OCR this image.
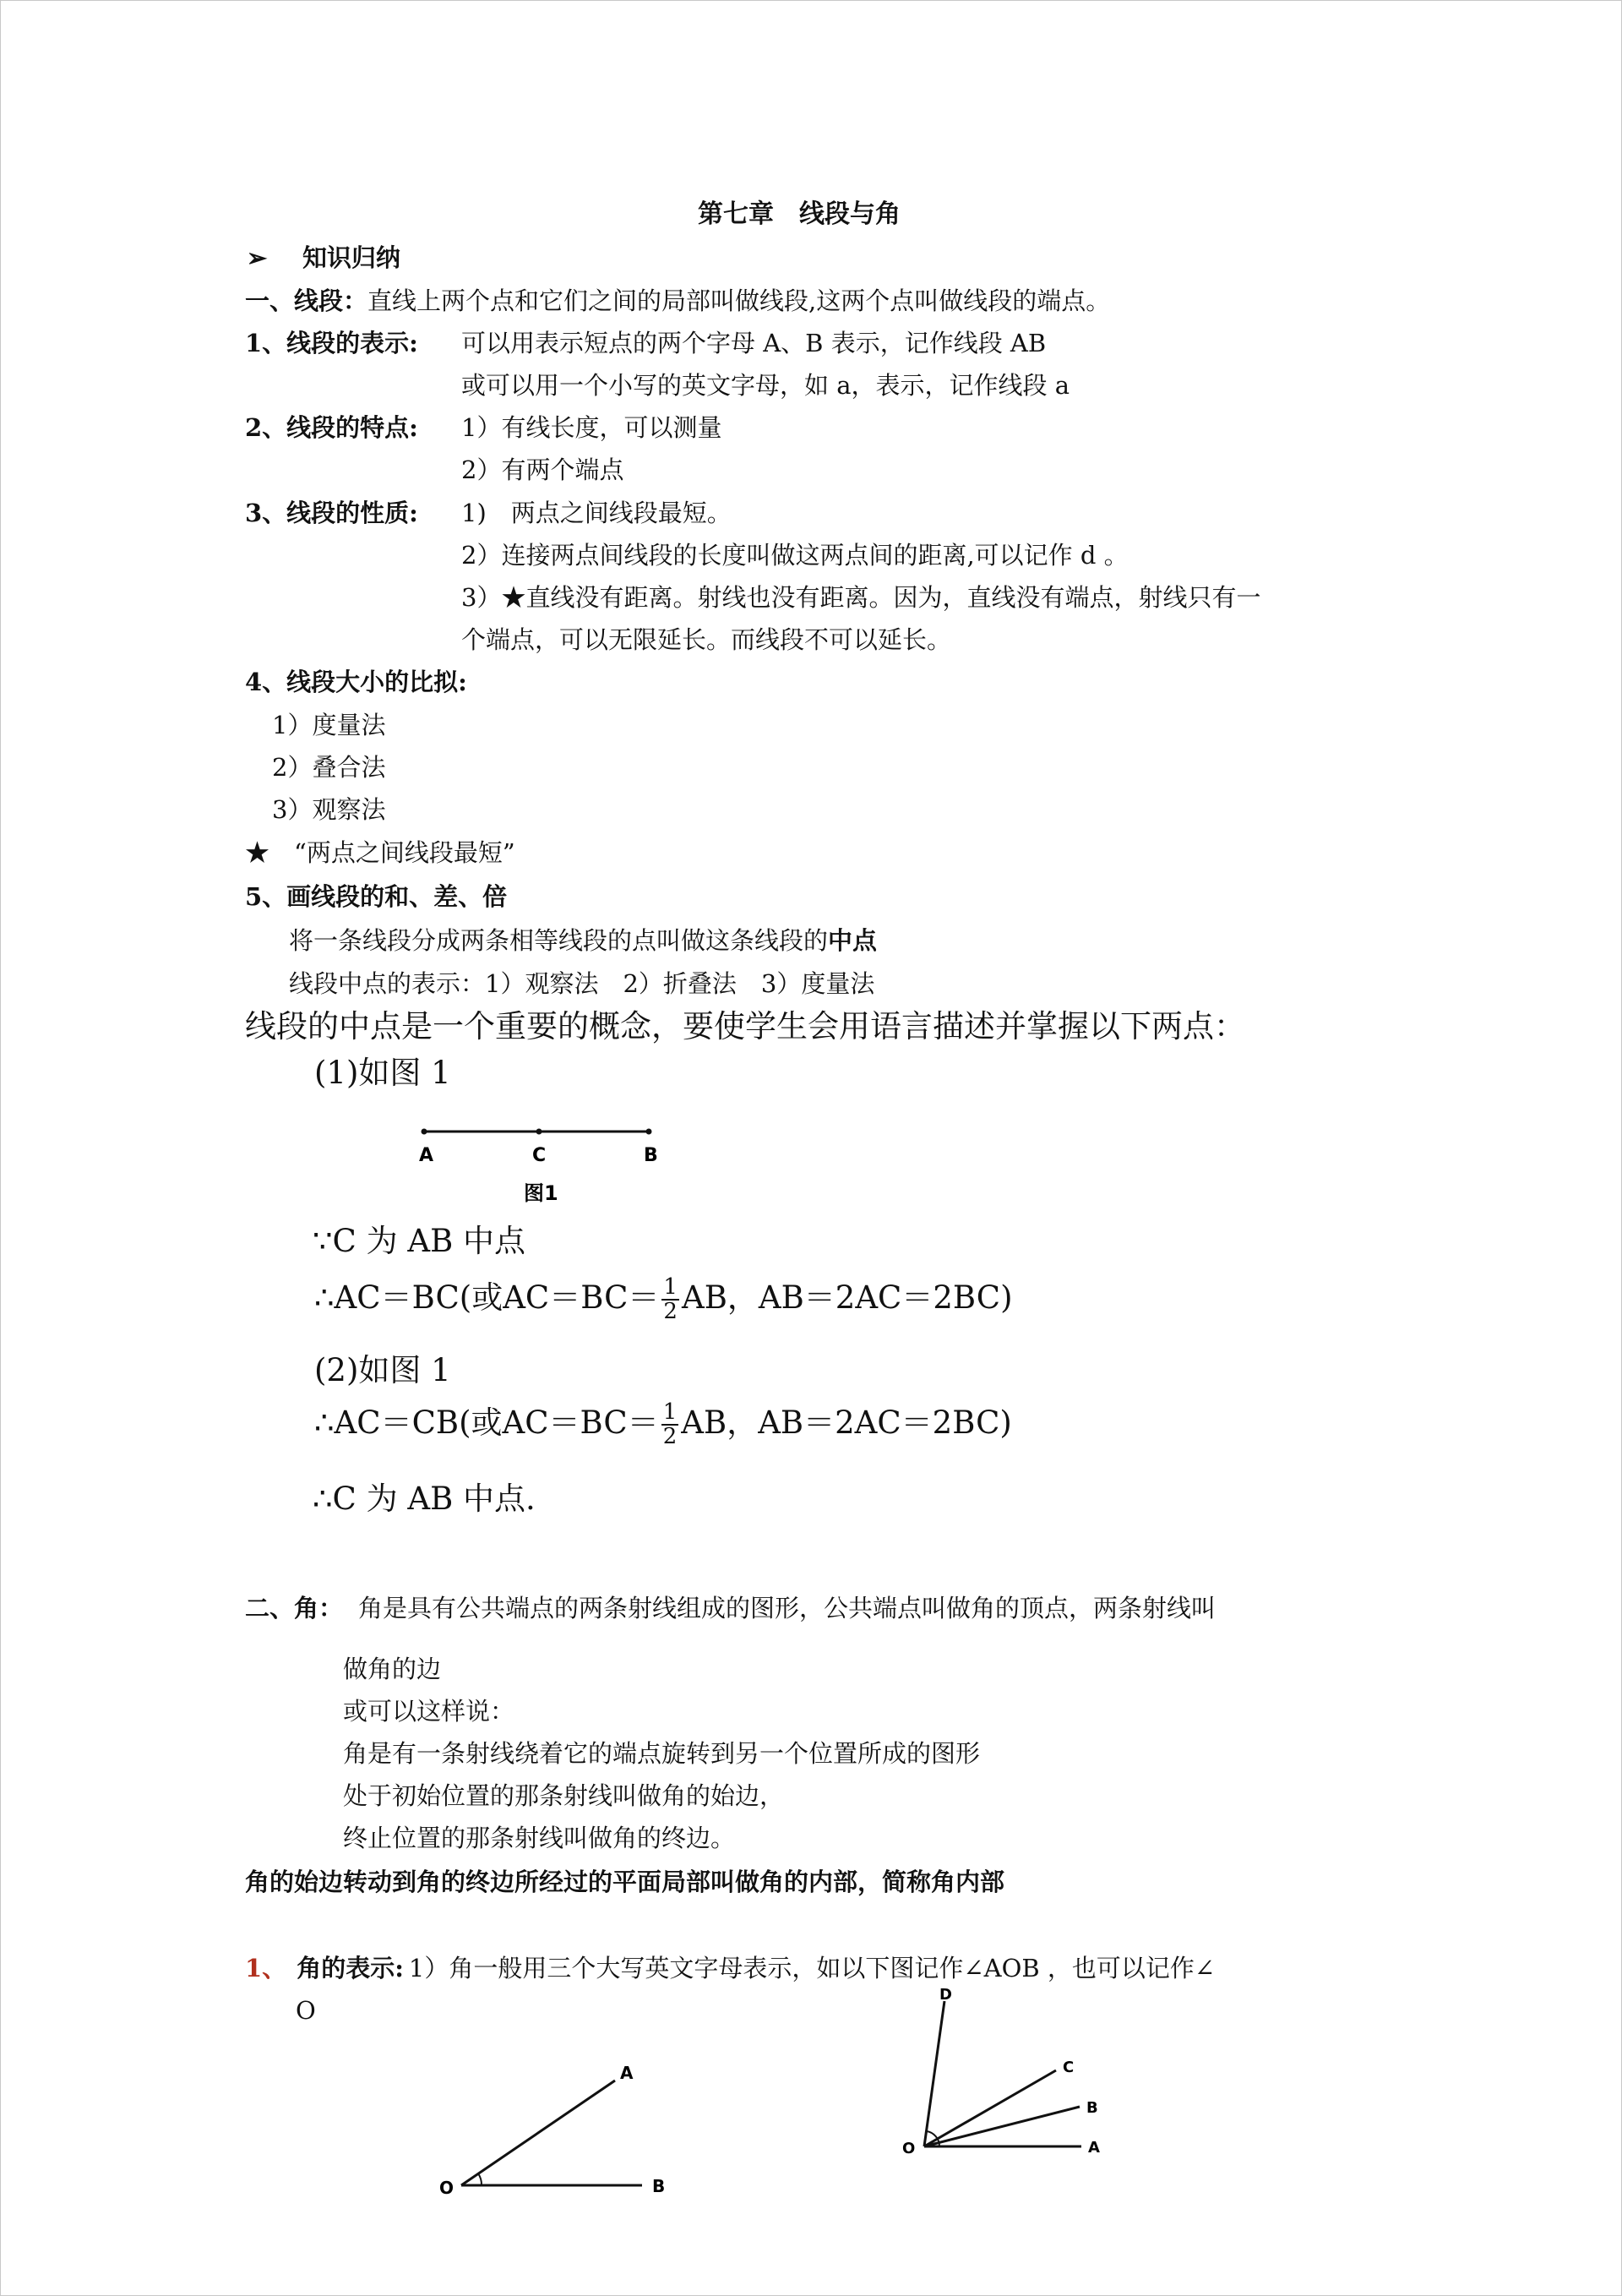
第七章　线段与角
➢ 知识归纳
一、线段：直线上两个点和它们之间的局部叫做线段,这两个点叫做线段的端点。
1、线段的表示: 可以用表示短点的两个字母 A、B 表示，记作线段 AB
或可以用一个小写的英文字母，如 a，表示，记作线段 a
2、线段的特点: 1）有线长度，可以测量
2）有两个端点
3、线段的性质: 1)　两点之间线段最短。
2）连接两点间线段的长度叫做这两点间的距离,可以记作 d 。
3）★直线没有距离。射线也没有距离。因为，直线没有端点，射线只有一
个端点，可以无限延长。而线段不可以延长。
4、线段大小的比拟:
1）度量法
2）叠合法
3）观察法
★　“两点之间线段最短”
5、画线段的和、差、倍
将一条线段分成两条相等线段的点叫做这条线段的中点
线段中点的表示：1）观察法　2）折叠法　3）度量法
线段的中点是一个重要的概念，要使学生会用语言描述并掌握以下两点：
(1)如图 1
A	C	B
图1
∵C 为 AB 中点
∴AC＝BC(或$AC=BC= \frac{1}{2}$ AB，AB＝2AC＝2BC)
(2)如图 1
∴AC＝CB(或$AC=BC= \frac{1}{2}$ AB，AB＝2AC＝2BC)
∴C 为 AB 中点.
二、角： 角是具有公共端点的两条射线组成的图形，公共端点叫做角的顶点，两条射线叫
做角的边
或可以这样说：
角是有一条射线绕着它的端点旋转到另一个位置所成的图形
处于初始位置的那条射线叫做角的始边，
终止位置的那条射线叫做角的终边。
角的始边转动到角的终边所经过的平面局部叫做角的内部，简称角内部
1、 角的表示: 1）角一般用三个大写英文字母表示，如以下图记作∠AOB ，也可以记作∠
O
O
A
B
O
D
C
B
A
